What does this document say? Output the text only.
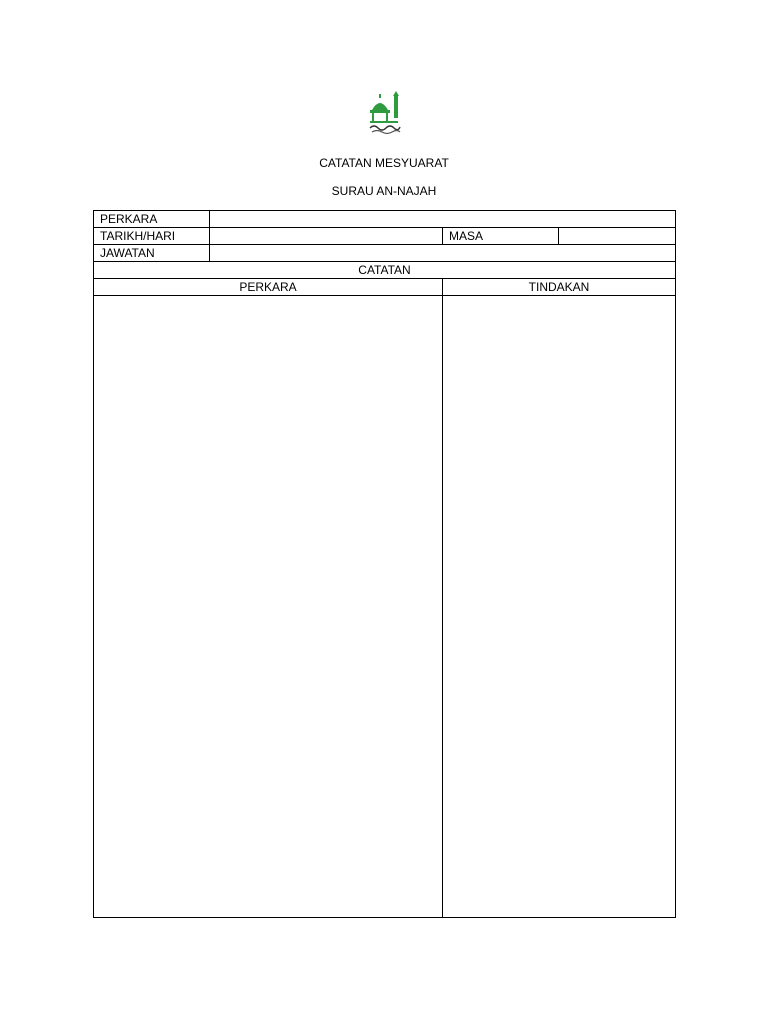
CATATAN MESYUARAT
SURAU AN-NAJAH
PERKARA			
TARIKH/HARI		MASA	
JAWATAN			
CATATAN			
PERKARA		TINDAKAN	
